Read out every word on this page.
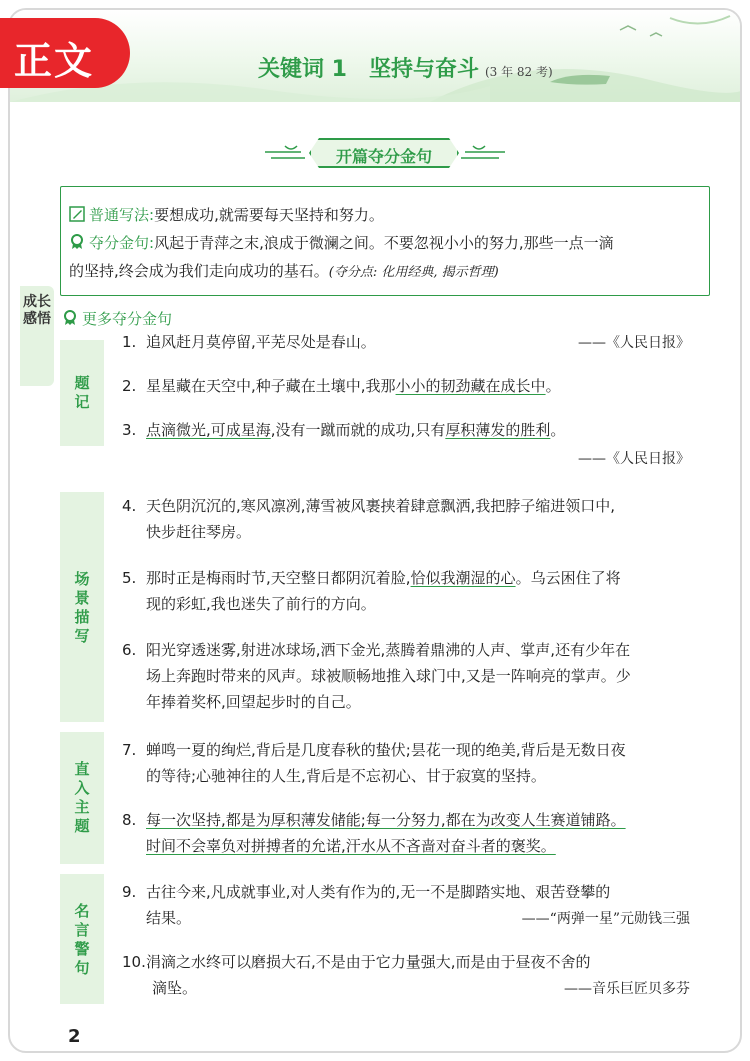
关键词 1　坚持与奋斗 (3 年 82 考)
成长感悟
开篇夺分金句
普通写法:要想成功,就需要每天坚持和努力。
夺分金句:风起于青萍之末,浪成于微澜之间。不要忽视小小的努力,那些一点一滴
的坚持,终会成为我们走向成功的基石。(夺分点: 化用经典, 揭示哲理)
更多夺分金句
题记
场景描写
直入主题
名言警句
1. 追风赶月莫停留,平芜尽处是春山。	——《人民日报》
2. 星星藏在天空中,种子藏在土壤中,我那小小的韧劲藏在成长中。
3. 点滴微光,可成星海,没有一蹴而就的成功,只有厚积薄发的胜利。
——《人民日报》
4. 天色阴沉沉的,寒风凛冽,薄雪被风裹挟着肆意飘洒,我把脖子缩进领口中,
快步赶往琴房。
5. 那时正是梅雨时节,天空整日都阴沉着脸,恰似我潮湿的心。乌云困住了将
现的彩虹,我也迷失了前行的方向。
6. 阳光穿透迷雾,射进冰球场,洒下金光,蒸腾着鼎沸的人声、掌声,还有少年在
场上奔跑时带来的风声。球被顺畅地推入球门中,又是一阵响亮的掌声。少
年捧着奖杯,回望起步时的自己。
7. 蝉鸣一夏的绚烂,背后是几度春秋的蛰伏;昙花一现的绝美,背后是无数日夜
的等待;心驰神往的人生,背后是不忘初心、甘于寂寞的坚持。
8. 每一次坚持,都是为厚积薄发储能;每一分努力,都在为改变人生赛道铺路。
时间不会辜负对拼搏者的允诺,汗水从不吝啬对奋斗者的褒奖。
9. 古往今来,凡成就事业,对人类有作为的,无一不是脚踏实地、艰苦登攀的
结果。	——“两弹一星”元勋钱三强
10.涓滴之水终可以磨损大石,不是由于它力量强大,而是由于昼夜不舍的
滴坠。	——音乐巨匠贝多芬
2
正文
